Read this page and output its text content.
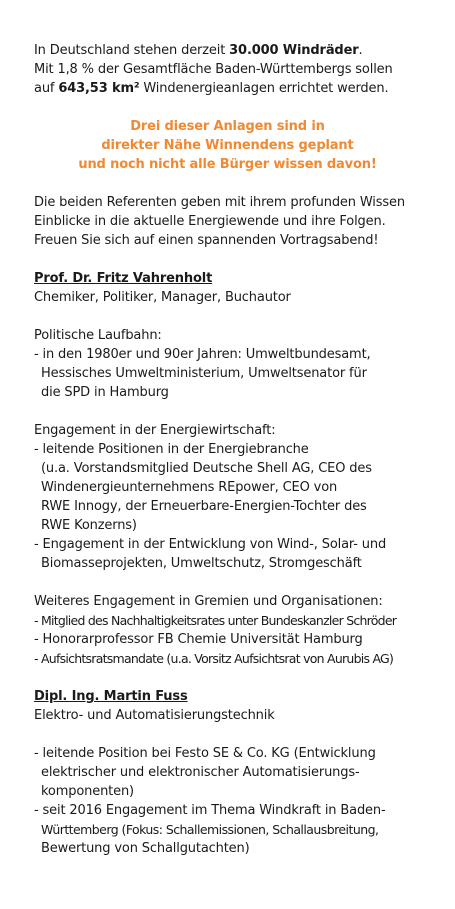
In Deutschland stehen derzeit 30.000 Windräder.
Mit 1,8 % der Gesamtfläche Baden-Württembergs sollen
auf 643,53 km² Windenergieanlagen errichtet werden.

Drei dieser Anlagen sind in
direkter Nähe Winnendens geplant
und noch nicht alle Bürger wissen davon!

Die beiden Referenten geben mit ihrem profunden Wissen
Einblicke in die aktuelle Energiewende und ihre Folgen.
Freuen Sie sich auf einen spannenden Vortragsabend!

Prof. Dr. Fritz Vahrenholt
Chemiker, Politiker, Manager, Buchautor

Politische Laufbahn:
- in den 1980er und 90er Jahren: Umweltbundesamt,
Hessisches Umweltministerium, Umweltsenator für
die SPD in Hamburg

Engagement in der Energiewirtschaft:
- leitende Positionen in der Energiebranche
(u.a. Vorstandsmitglied Deutsche Shell AG, CEO des
Windenergieunternehmens REpower, CEO von
RWE Innogy, der Erneuerbare-Energien-Tochter des
RWE Konzerns)
- Engagement in der Entwicklung von Wind-, Solar- und
Biomasseprojekten, Umweltschutz, Stromgeschäft

Weiteres Engagement in Gremien und Organisationen:
- Mitglied des Nachhaltigkeitsrates unter Bundeskanzler Schröder
- Honorarprofessor FB Chemie Universität Hamburg
- Aufsichtsratsmandate (u.a. Vorsitz Aufsichtsrat von Aurubis AG)

Dipl. Ing. Martin Fuss
Elektro- und Automatisierungstechnik

- leitende Position bei Festo SE & Co. KG (Entwicklung
elektrischer und elektronischer Automatisierungs-
komponenten)
- seit 2016 Engagement im Thema Windkraft in Baden-
Württemberg (Fokus: Schallemissionen, Schallausbreitung,
Bewertung von Schallgutachten)
